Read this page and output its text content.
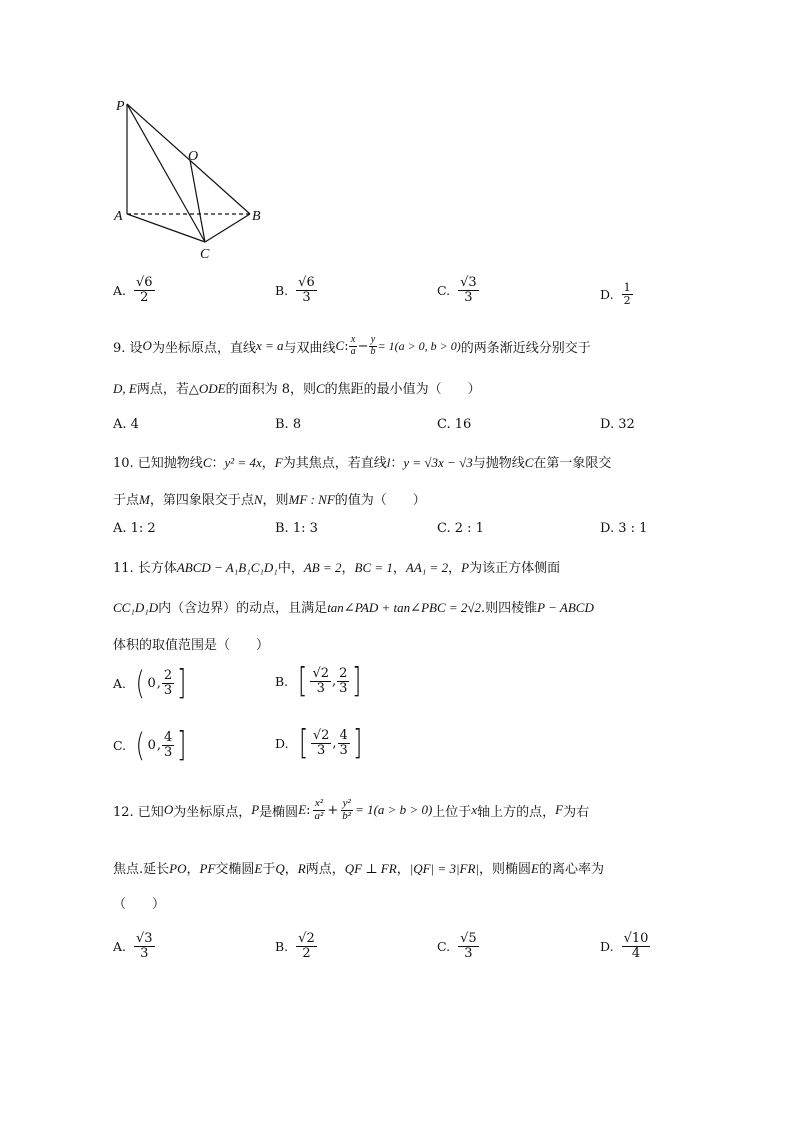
P
O
A	B
C
A. $\frac{√6}{2}$	B. $\frac{√6}{3}$	C. $\frac{√3}{3}$	D. $\frac{1}{2}$
9. 设 O 为坐标原点，直线 x = a 与双曲线 C : $\frac{x}{a} - \frac{y}{b} = 1(a > 0$, b > 0) 的两条渐近线分别交于
D, E两点，若△ODE的面积为 8，则C的焦距的最小值为（　　）
A. 4	B. 8	C. 16	D. 32
10. 已知抛物线C：y² = 4x，F为其焦点，若直线l：y = √3x − √3与抛物线C在第一象限交
于点M，第四象限交于点N，则MF : NF的值为（　　）
A. 1: 2	B. 1: 3	C. 2 : 1	D. 3 : 1
11. 长方体ABCD − A₁B₁C₁D₁中，AB = 2，BC = 1，AA₁ = 2，P为该正方体侧面
CC₁D₁D内（含边界）的动点，且满足tan∠PAD + tan∠PBC = 2√2.则四棱锥P − ABCD
体积的取值范围是（　　）
A. ( 0 , $\frac{2}{3}$ ]	B. [ $\frac{√2}{3}$ , $\frac{2}{3}$ ]
C. ( 0 , $\frac{4}{3}$ ]	D. [ $\frac{√2}{3}$ , $\frac{4}{3}$ ]
12. 已知 O 为坐标原点， P 是椭圆 E : $\frac{\text{x²}}{\text{a²}} + \frac{\text{y²}}{\text{b²}} = 1(a > b > 0)$ 上位于 x 轴上方的点， F 为右
焦点.延长PO，PF交椭圆E于Q，R两点，QF ⊥ FR，|QF| = 3|FR|，则椭圆E的离心率为
（　　）
A. $\frac{√3}{3}$	B. $\frac{√2}{2}$	C. $\frac{√5}{3}$	D. $\frac{√10}{4}$
